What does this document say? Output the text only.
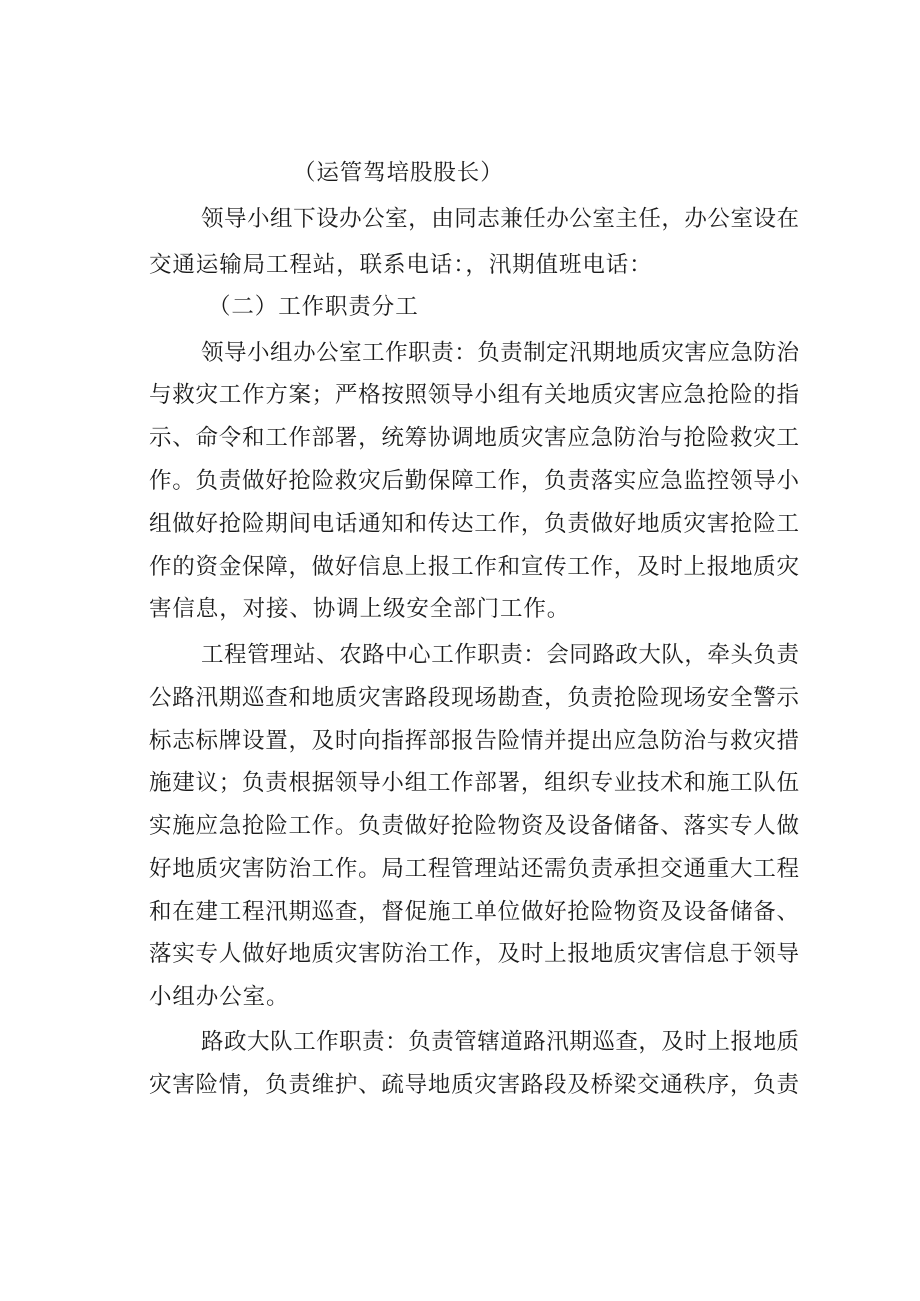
（运管驾培股股长）
领导小组下设办公室，由同志兼任办公室主任，办公室设在
交通运输局工程站，联系电话：，汛期值班电话：
（二）工作职责分工
领导小组办公室工作职责：负责制定汛期地质灾害应急防治
与救灾工作方案；严格按照领导小组有关地质灾害应急抢险的指
示、命令和工作部署，统筹协调地质灾害应急防治与抢险救灾工
作。负责做好抢险救灾后勤保障工作，负责落实应急监控领导小
组做好抢险期间电话通知和传达工作，负责做好地质灾害抢险工
作的资金保障，做好信息上报工作和宣传工作，及时上报地质灾
害信息，对接、协调上级安全部门工作。
工程管理站、农路中心工作职责：会同路政大队，牵头负责
公路汛期巡查和地质灾害路段现场勘查，负责抢险现场安全警示
标志标牌设置，及时向指挥部报告险情并提出应急防治与救灾措
施建议；负责根据领导小组工作部署，组织专业技术和施工队伍
实施应急抢险工作。负责做好抢险物资及设备储备、落实专人做
好地质灾害防治工作。局工程管理站还需负责承担交通重大工程
和在建工程汛期巡查，督促施工单位做好抢险物资及设备储备、
落实专人做好地质灾害防治工作，及时上报地质灾害信息于领导
小组办公室。
路政大队工作职责：负责管辖道路汛期巡查，及时上报地质
灾害险情，负责维护、疏导地质灾害路段及桥梁交通秩序，负责
